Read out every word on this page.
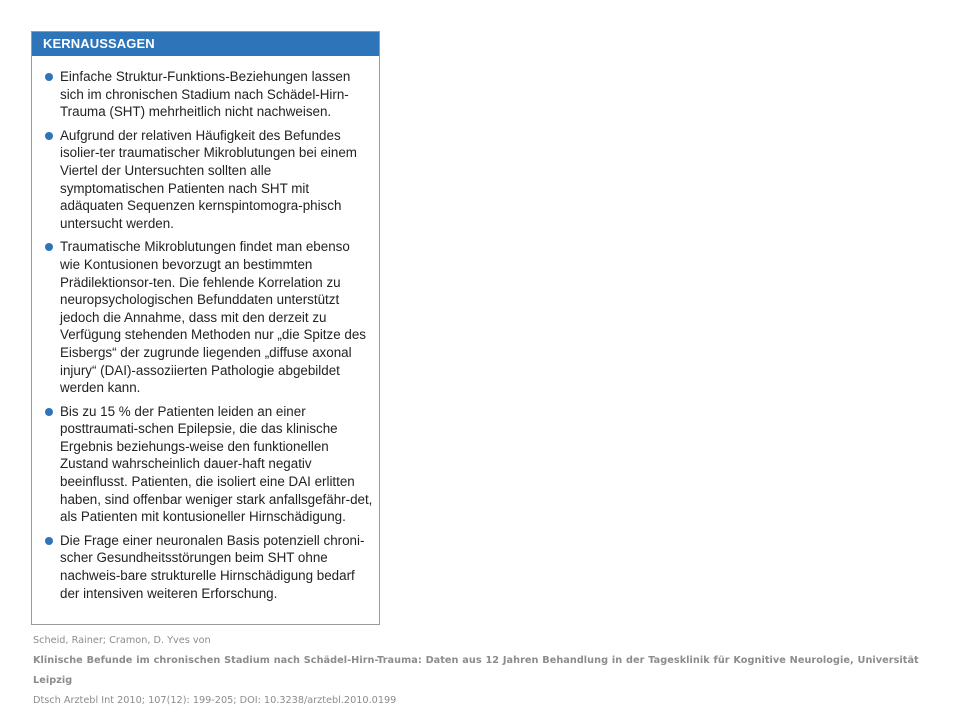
KERNAUSSAGEN
Einfache Struktur-Funktions-Beziehungen lassen sich im chronischen Stadium nach Schädel-Hirn-Trauma (SHT) mehrheitlich nicht nachweisen.
Aufgrund der relativen Häufigkeit des Befundes isolier-ter traumatischer Mikroblutungen bei einem Viertel der Untersuchten sollten alle symptomatischen Patienten nach SHT mit adäquaten Sequenzen kernspintomogra-phisch untersucht werden.
Traumatische Mikroblutungen findet man ebenso wie Kontusionen bevorzugt an bestimmten Prädilektionsor-ten. Die fehlende Korrelation zu neuropsychologischen Befunddaten unterstützt jedoch die Annahme, dass mit den derzeit zu Verfügung stehenden Methoden nur „die Spitze des Eisbergs“ der zugrunde liegenden „diffuse axonal injury“ (DAI)-assoziierten Pathologie abgebildet werden kann.
Bis zu 15 % der Patienten leiden an einer posttraumati-schen Epilepsie, die das klinische Ergebnis beziehungs-weise den funktionellen Zustand wahrscheinlich dauer-haft negativ beeinflusst. Patienten, die isoliert eine DAI erlitten haben, sind offenbar weniger stark anfallsgefähr-det, als Patienten mit kontusioneller Hirnschädigung.
Die Frage einer neuronalen Basis potenziell chroni-scher Gesundheitsstörungen beim SHT ohne nachweis-bare strukturelle Hirnschädigung bedarf der intensiven weiteren Erforschung.
Scheid, Rainer; Cramon, D. Yves von
Klinische Befunde im chronischen Stadium nach Schädel-Hirn-Trauma: Daten aus 12 Jahren Behandlung in der Tagesklinik für Kognitive Neurologie, Universität Leipzig
Dtsch Arztebl Int 2010; 107(12): 199-205; DOI: 10.3238/arztebl.2010.0199
